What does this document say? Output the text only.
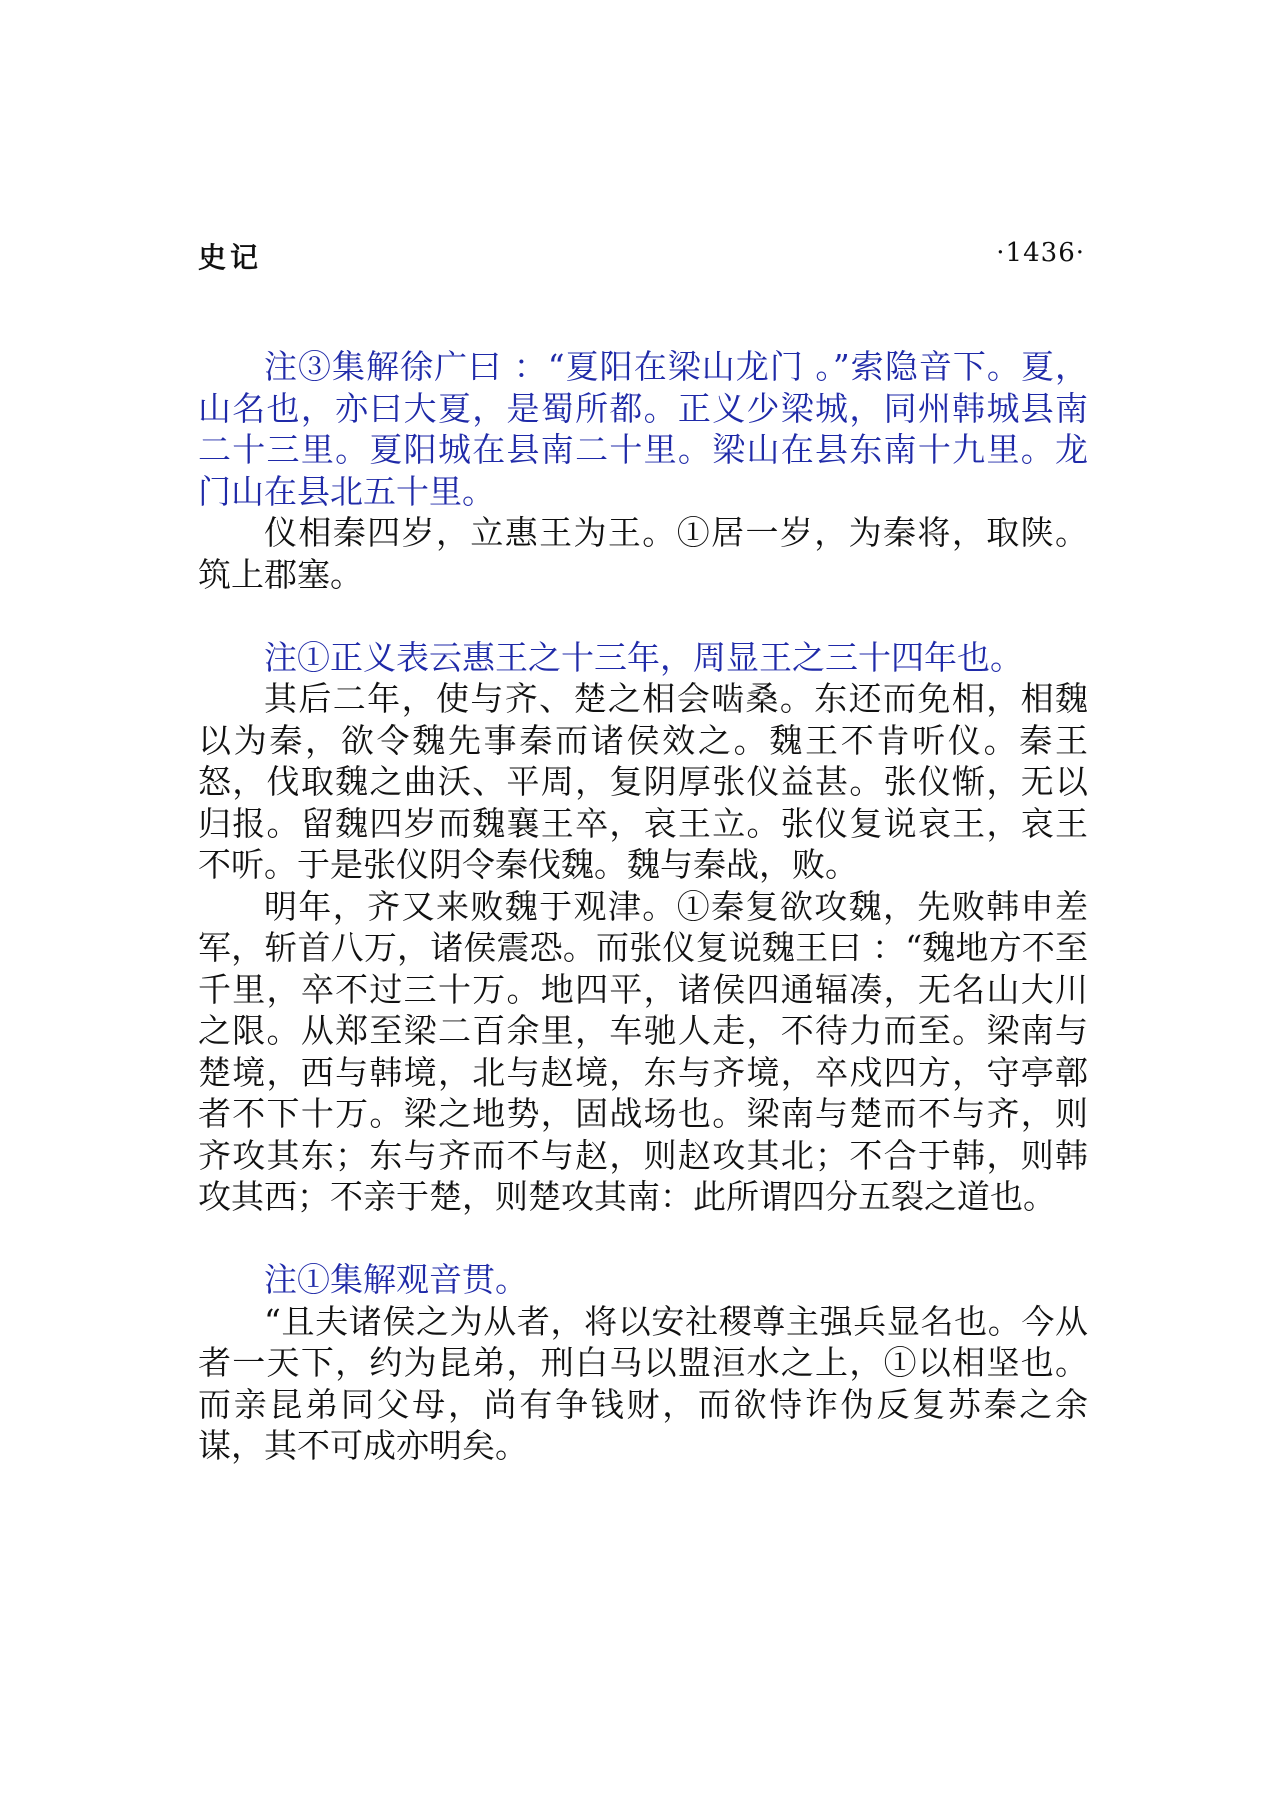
史记	·1436·

注③集解徐广曰 ：“夏阳在梁山龙门 。”索隐音下。夏，山名也，亦曰大夏，是蜀所都。正义少梁城，同州韩城县南二十三里。夏阳城在县南二十里。梁山在县东南十九里。龙门山在县北五十里。

仪相秦四岁，立惠王为王。①居一岁，为秦将，取陕。筑上郡塞。

注①正义表云惠王之十三年，周显王之三十四年也。

其后二年，使与齐、楚之相会啮桑。东还而免相，相魏以为秦，欲令魏先事秦而诸侯效之。魏王不肯听仪。秦王怒，伐取魏之曲沃、平周，复阴厚张仪益甚。张仪惭，无以归报。留魏四岁而魏襄王卒，哀王立。张仪复说哀王，哀王不听。于是张仪阴令秦伐魏。魏与秦战，败。

明年，齐又来败魏于观津。①秦复欲攻魏，先败韩申差军，斩首八万，诸侯震恐。而张仪复说魏王曰 ：“魏地方不至千里，卒不过三十万。地四平，诸侯四通辐凑，无名山大川之限。从郑至梁二百余里，车驰人走，不待力而至。梁南与楚境，西与韩境，北与赵境，东与齐境，卒戍四方，守亭鄣者不下十万。梁之地势，固战场也。梁南与楚而不与齐，则齐攻其东；东与齐而不与赵，则赵攻其北；不合于韩，则韩攻其西；不亲于楚，则楚攻其南：此所谓四分五裂之道也。

注①集解观音贯。

“且夫诸侯之为从者，将以安社稷尊主强兵显名也。今从者一天下，约为昆弟，刑白马以盟洹水之上，①以相坚也。而亲昆弟同父母，尚有争钱财，而欲恃诈伪反复苏秦之余谋，其不可成亦明矣。
